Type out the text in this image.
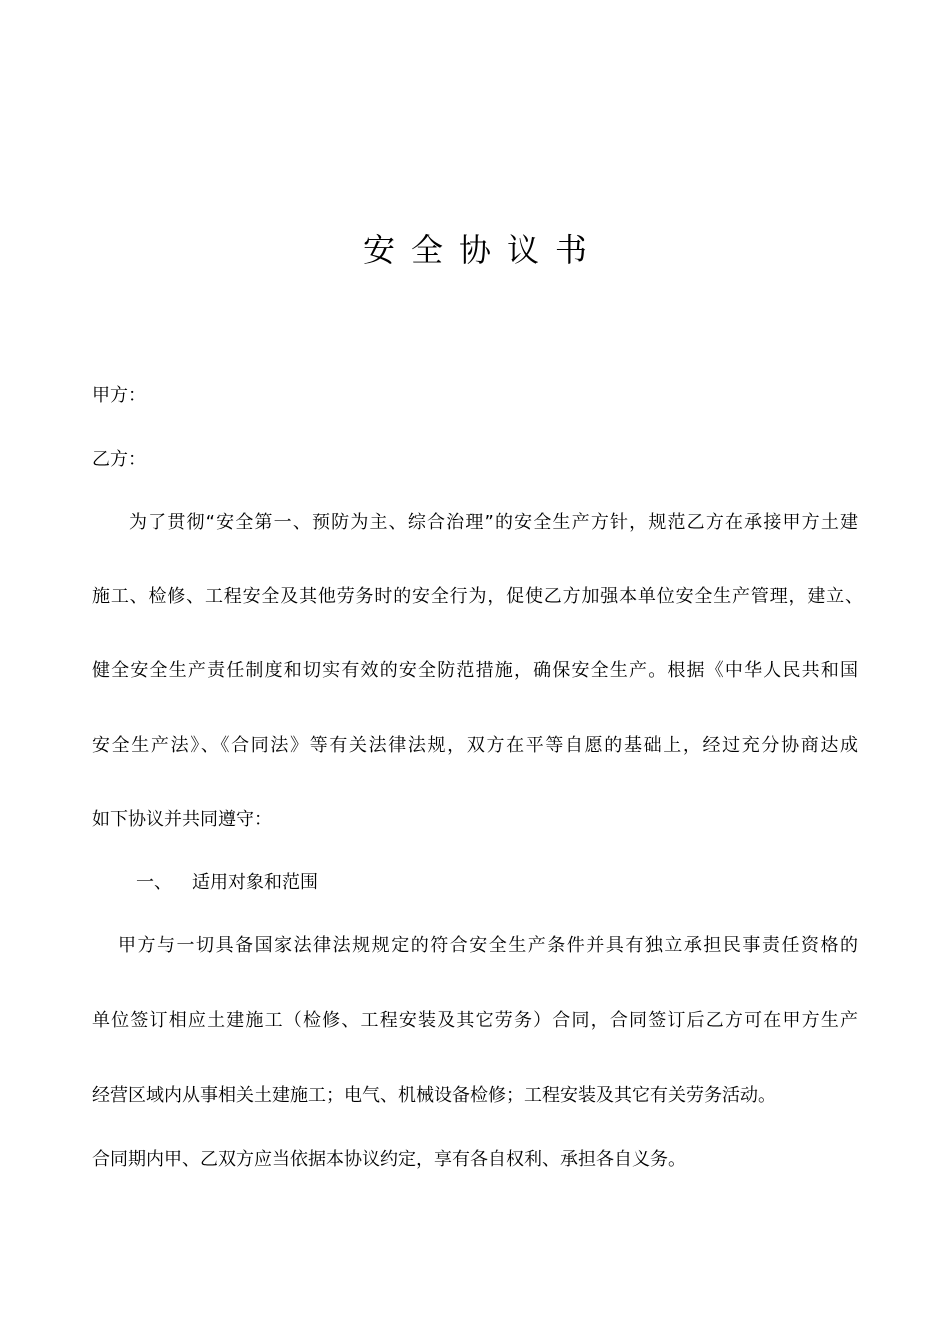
安全协议书
甲方：
乙方：
为了贯彻“安全第一、预防为主、综合治理”的安全生产方针，规范乙方在承接甲方土建
施工、检修、工程安全及其他劳务时的安全行为，促使乙方加强本单位安全生产管理，建立、
健全安全生产责任制度和切实有效的安全防范措施，确保安全生产。根据《中华人民共和国
安全生产法》、《合同法》等有关法律法规，双方在平等自愿的基础上，经过充分协商达成
如下协议并共同遵守：
一、 适用对象和范围
甲方与一切具备国家法律法规规定的符合安全生产条件并具有独立承担民事责任资格的
单位签订相应土建施工（检修、工程安装及其它劳务）合同，合同签订后乙方可在甲方生产
经营区域内从事相关土建施工；电气、机械设备检修；工程安装及其它有关劳务活动。
合同期内甲、乙双方应当依据本协议约定，享有各自权利、承担各自义务。
